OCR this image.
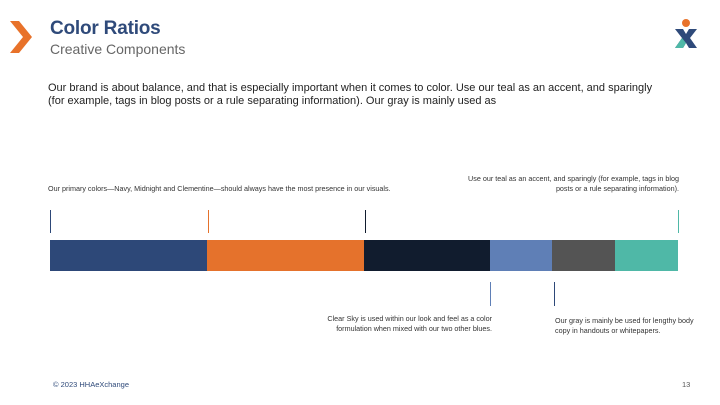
Color Ratios
Creative Components
Our brand is about balance, and that is especially important when it comes to color. Use our teal as an accent, and sparingly (for example, tags in blog posts or a rule separating information). Our gray is mainly used as
Our primary colors—Navy, Midnight and Clementine—should always have the most presence in our visuals.
Use our teal as an accent, and sparingly (for example, tags in blog posts or a rule separating information).
Clear Sky is used within our look and feel as a color formulation when mixed with our two other blues.
Our gray is mainly be used for lengthy body copy in handouts or whitepapers.
© 2023 HHAeXchange	13
